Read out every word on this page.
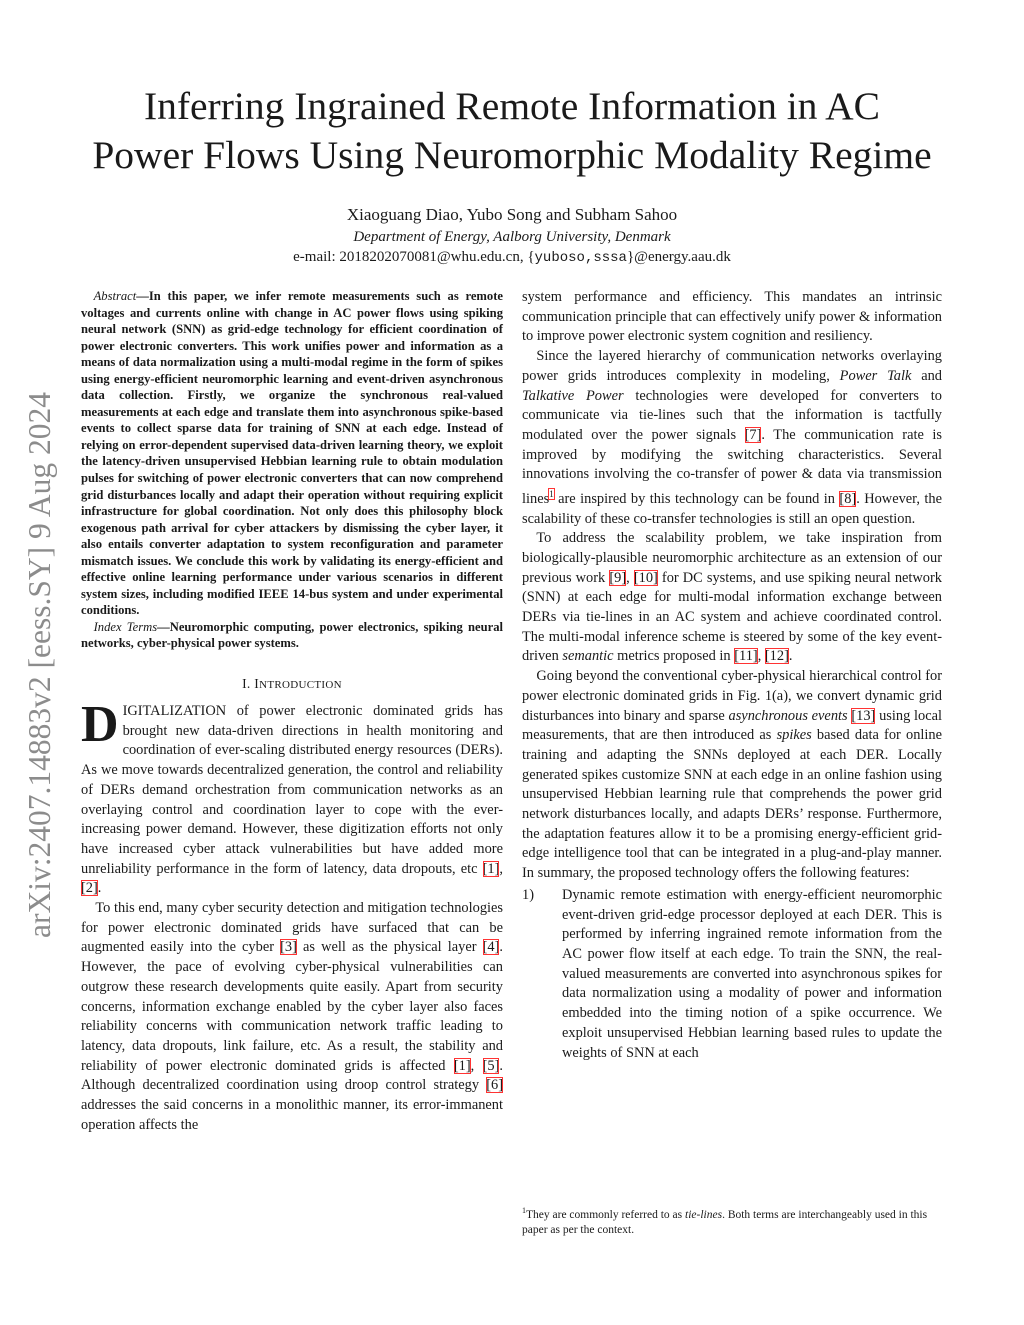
arXiv:2407.14883v2 [eess.SY] 9 Aug 2024
Inferring Ingrained Remote Information in AC
Power Flows Using Neuromorphic Modality Regime
Xiaoguang Diao, Yubo Song and Subham Sahoo
Department of Energy, Aalborg University, Denmark
e-mail: 2018202070081@whu.edu.cn, {yuboso,sssa}@energy.aau.dk

Abstract—In this paper, we infer remote measurements such as remote voltages and currents online with change in AC power flows using spiking neural network (SNN) as grid-edge technology for efficient coordination of power electronic converters. This work unifies power and information as a means of data normalization using a multi-modal regime in the form of spikes using energy-efficient neuromorphic learning and event-driven asynchronous data collection. Firstly, we organize the synchronous real-valued measurements at each edge and translate them into asynchronous spike-based events to collect sparse data for training of SNN at each edge. Instead of relying on error-dependent supervised data-driven learning theory, we exploit the latency-driven unsupervised Hebbian learning rule to obtain modulation pulses for switching of power electronic converters that can now comprehend grid disturbances locally and adapt their operation without requiring explicit infrastructure for global coordination. Not only does this philosophy block exogenous path arrival for cyber attackers by dismissing the cyber layer, it also entails converter adaptation to system reconfiguration and parameter mismatch issues. We conclude this work by validating its energy-efficient and effective online learning performance under various scenarios in different system sizes, including modified IEEE 14-bus system and under experimental conditions.

Index Terms—Neuromorphic computing, power electronics, spiking neural networks, cyber-physical power systems.

I. INTRODUCTION

DIGITALIZATION of power electronic dominated grids has brought new data-driven directions in health monitoring and coordination of ever-scaling distributed energy resources (DERs). As we move towards decentralized generation, the control and reliability of DERs demand orchestration from communication networks as an overlaying control and coordination layer to cope with the ever-increasing power demand. However, these digitization efforts not only have increased cyber attack vulnerabilities but have added more unreliability performance in the form of latency, data dropouts, etc [1], [2].

To this end, many cyber security detection and mitigation technologies for power electronic dominated grids have surfaced that can be augmented easily into the cyber [3] as well as the physical layer [4]. However, the pace of evolving cyber-physical vulnerabilities can outgrow these research developments quite easily. Apart from security concerns, information exchange enabled by the cyber layer also faces reliability concerns with communication network traffic leading to latency, data dropouts, link failure, etc. As a result, the stability and reliability of power electronic dominated grids is affected [1], [5]. Although decentralized coordination using droop control strategy [6] addresses the said concerns in a monolithic manner, its error-immanent operation affects the

system performance and efficiency. This mandates an intrinsic communication principle that can effectively unify power & information to improve power electronic system cognition and resiliency.

Since the layered hierarchy of communication networks overlaying power grids introduces complexity in modeling, Power Talk and Talkative Power technologies were developed for converters to communicate via tie-lines such that the information is tactfully modulated over the power signals [7]. The communication rate is improved by modifying the switching characteristics. Several innovations involving the co-transfer of power & data via transmission lines$^1$ are inspired by this technology can be found in [8]. However, the scalability of these co-transfer technologies is still an open question.

To address the scalability problem, we take inspiration from biologically-plausible neuromorphic architecture as an extension of our previous work [9], [10] for DC systems, and use spiking neural network (SNN) at each edge for multi-modal information exchange between DERs via tie-lines in an AC system and achieve coordinated control. The multi-modal inference scheme is steered by some of the key event-driven semantic metrics proposed in [11], [12].

Going beyond the conventional cyber-physical hierarchical control for power electronic dominated grids in Fig. 1(a), we convert dynamic grid disturbances into binary and sparse asynchronous events [13] using local measurements, that are then introduced as spikes based data for online training and adapting the SNNs deployed at each DER. Locally generated spikes customize SNN at each edge in an online fashion using unsupervised Hebbian learning rule that comprehends the power grid network disturbances locally, and adapts DERs’ response. Furthermore, the adaptation features allow it to be a promising energy-efficient grid-edge intelligence tool that can be integrated in a plug-and-play manner. In summary, the proposed technology offers the following features:

1)	Dynamic remote estimation with energy-efficient neuromorphic event-driven grid-edge processor deployed at each DER. This is performed by inferring ingrained remote information from the AC power flow itself at each edge. To train the SNN, the real-valued measurements are converted into asynchronous spikes for data normalization using a modality of power and information embedded into the timing notion of a spike occurrence. We exploit unsupervised Hebbian learning based rules to update the weights of SNN at each
$^1$They are commonly referred to as tie-lines. Both terms are interchangeably used in this paper as per the context.
